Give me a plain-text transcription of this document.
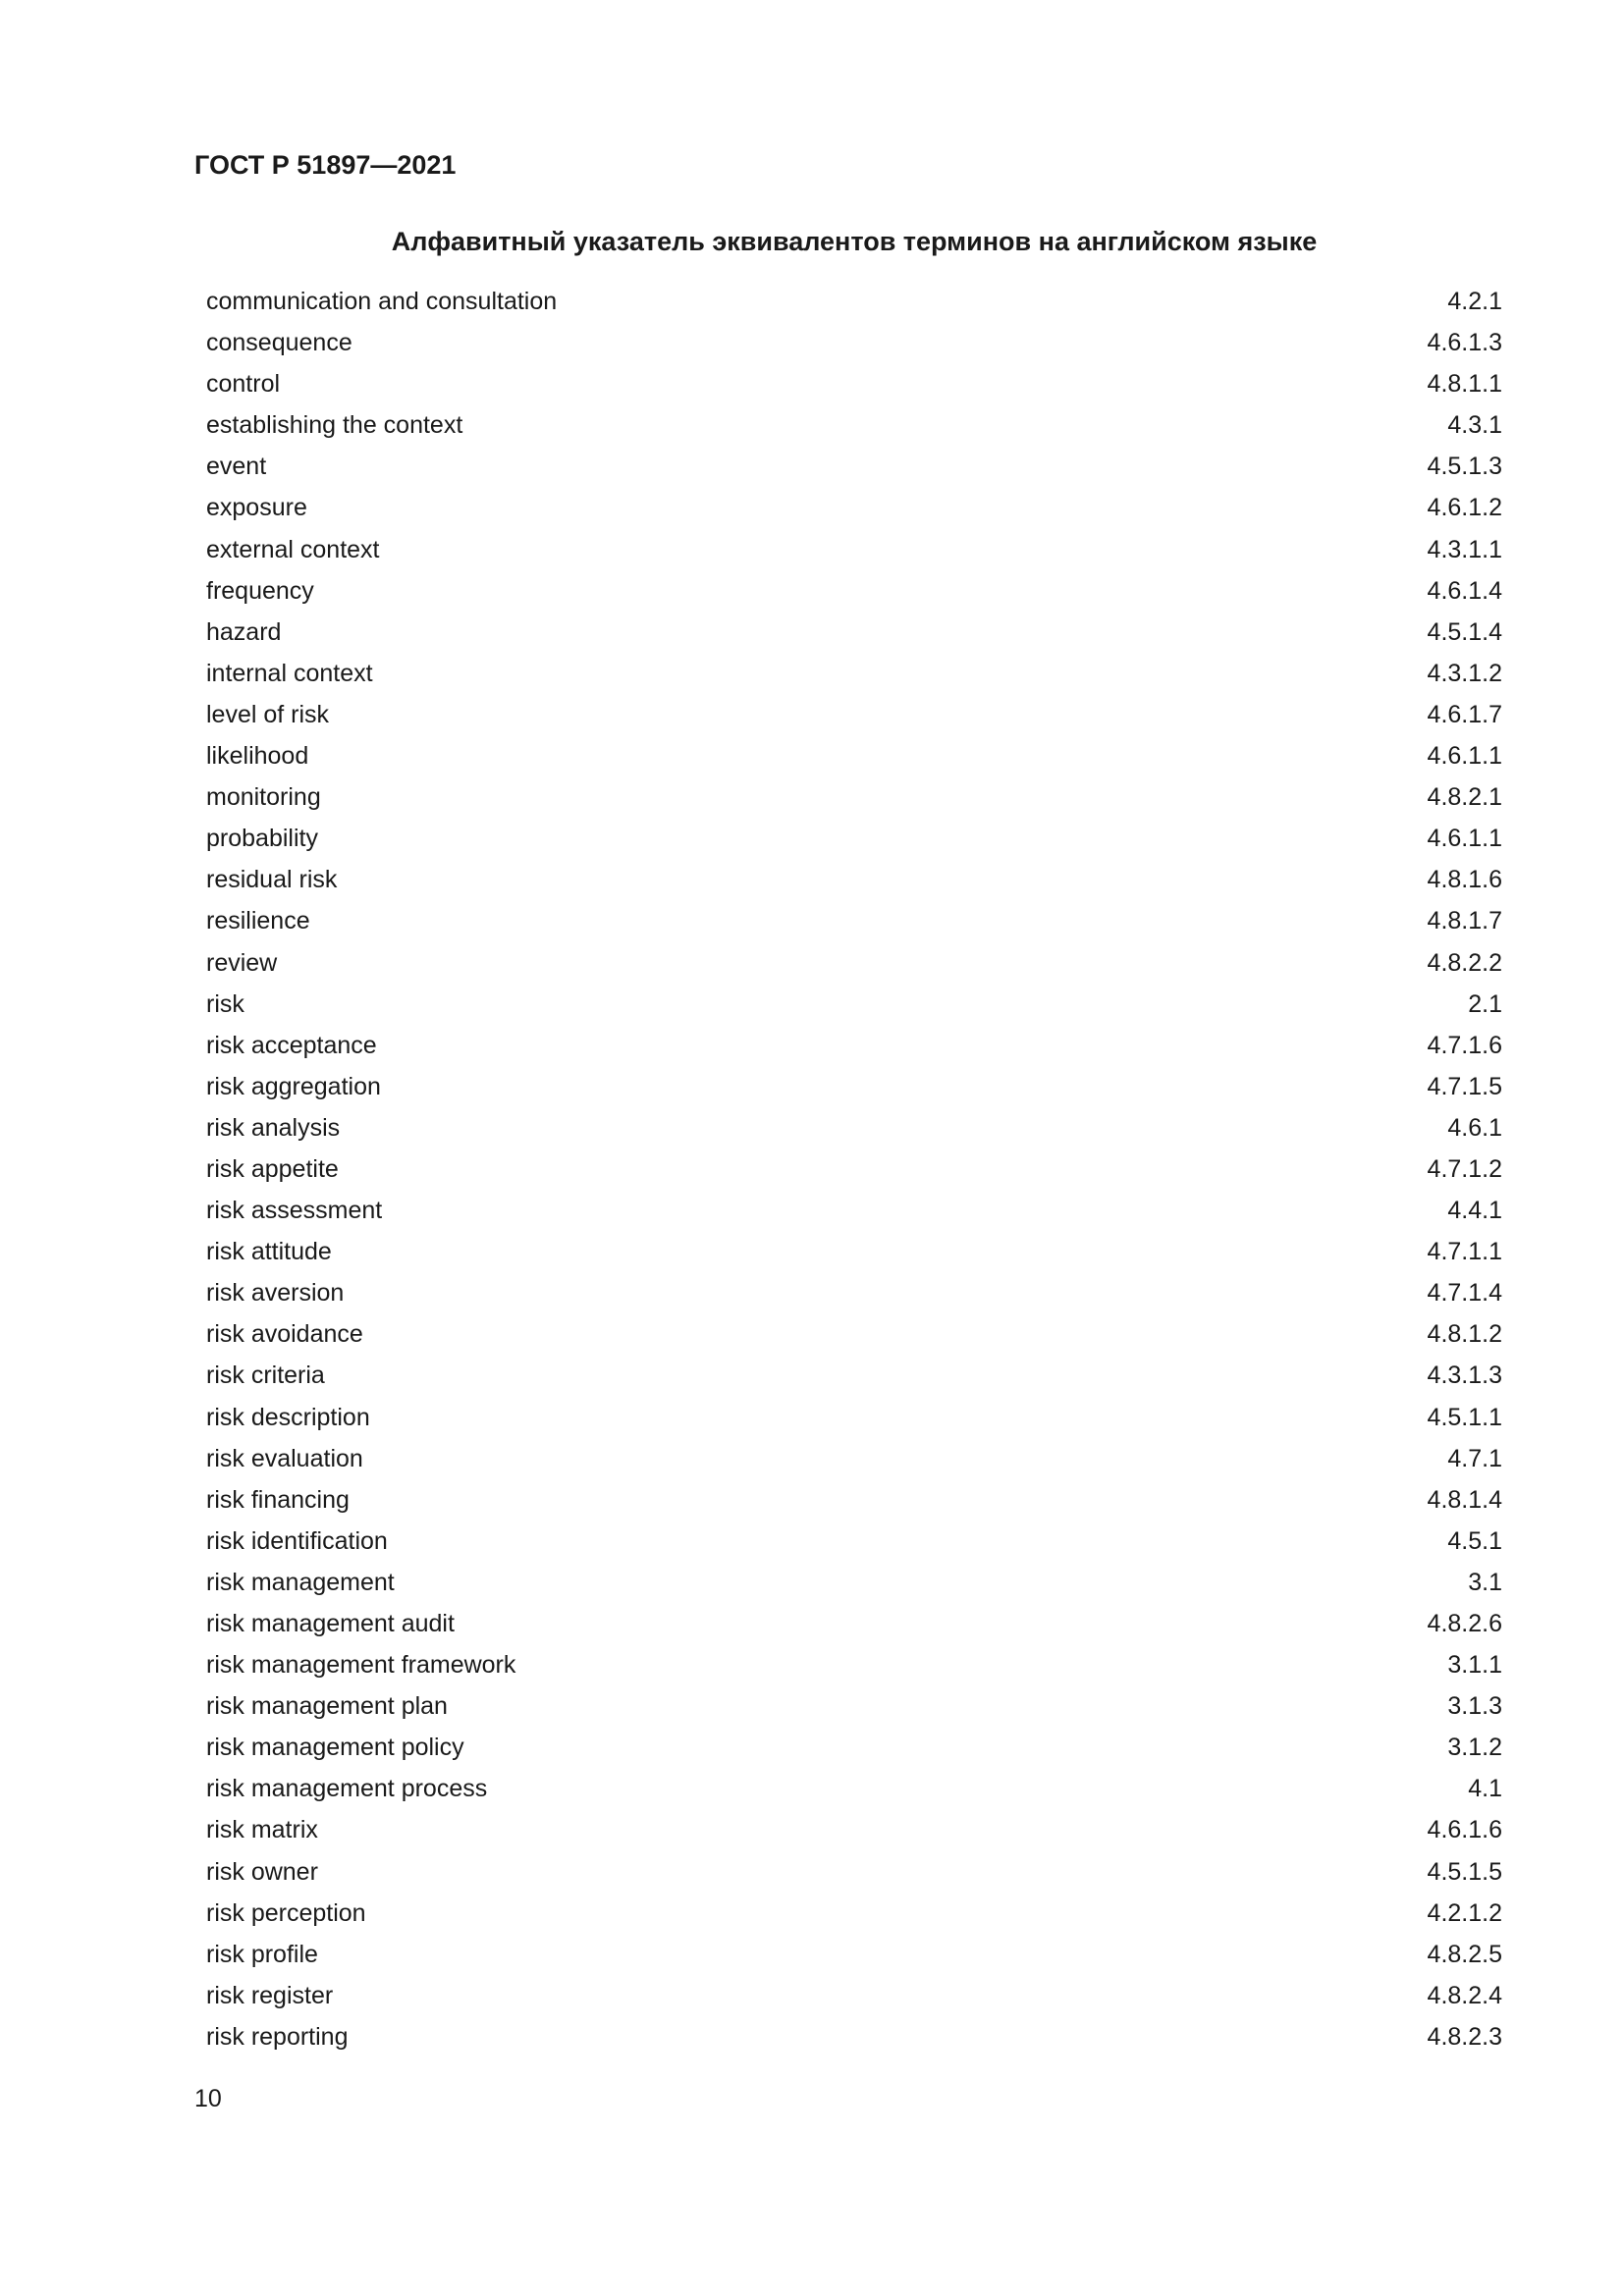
ГОСТ Р 51897—2021
Алфавитный указатель эквивалентов терминов на английском языке
communication and consultation	4.2.1
consequence	4.6.1.3
control	4.8.1.1
establishing the context	4.3.1
event	4.5.1.3
exposure	4.6.1.2
external context	4.3.1.1
frequency	4.6.1.4
hazard	4.5.1.4
internal context	4.3.1.2
level of risk	4.6.1.7
likelihood	4.6.1.1
monitoring	4.8.2.1
probability	4.6.1.1
residual risk	4.8.1.6
resilience	4.8.1.7
review	4.8.2.2
risk	2.1
risk acceptance	4.7.1.6
risk aggregation	4.7.1.5
risk analysis	4.6.1
risk appetite	4.7.1.2
risk assessment	4.4.1
risk attitude	4.7.1.1
risk aversion	4.7.1.4
risk avoidance	4.8.1.2
risk criteria	4.3.1.3
risk description	4.5.1.1
risk evaluation	4.7.1
risk financing	4.8.1.4
risk identification	4.5.1
risk management	3.1
risk management audit	4.8.2.6
risk management framework	3.1.1
risk management plan	3.1.3
risk management policy	3.1.2
risk management process	4.1
risk matrix	4.6.1.6
risk owner	4.5.1.5
risk perception	4.2.1.2
risk profile	4.8.2.5
risk register	4.8.2.4
risk reporting	4.8.2.3
10
